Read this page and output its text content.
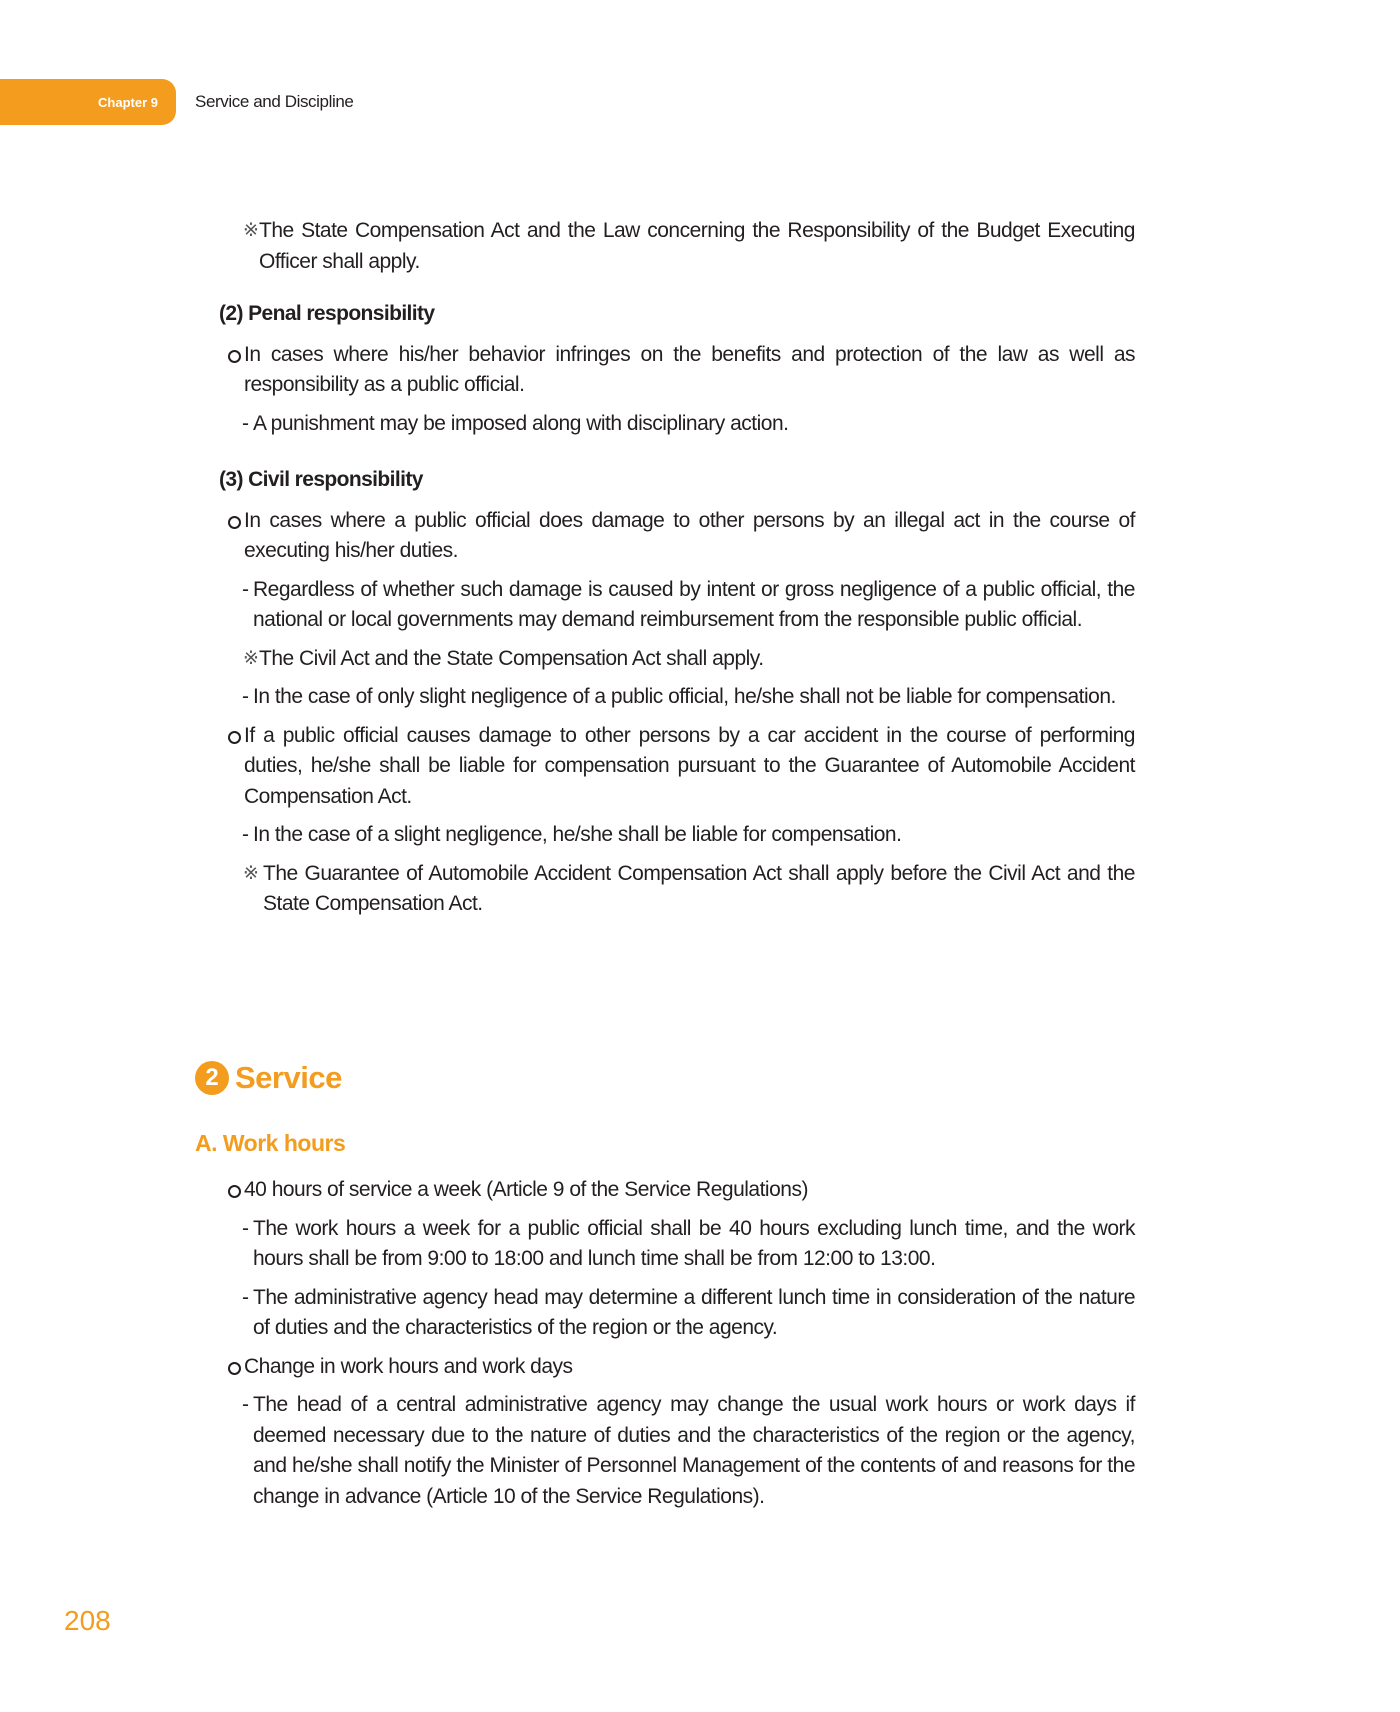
Chapter 9	Service and Discipline
※ The State Compensation Act and the Law concerning the Responsibility of the Budget Executing Officer shall apply.
(2) Penal responsibility
In cases where his/her behavior infringes on the benefits and protection of the law as well as responsibility as a public official.
- A punishment may be imposed along with disciplinary action.
(3) Civil responsibility
In cases where a public official does damage to other persons by an illegal act in the course of executing his/her duties.
- Regardless of whether such damage is caused by intent or gross negligence of a public official, the national or local governments may demand reimbursement from the responsible public official.
※ The Civil Act and the State Compensation Act shall apply.
- In the case of only slight negligence of a public official, he/she shall not be liable for compensation.
If a public official causes damage to other persons by a car accident in the course of performing duties, he/she shall be liable for compensation pursuant to the Guarantee of Automobile Accident Compensation Act.
- In the case of a slight negligence, he/she shall be liable for compensation.
※ The Guarantee of Automobile Accident Compensation Act shall apply before the Civil Act and the State Compensation Act.
2 Service
A. Work hours
40 hours of service a week (Article 9 of the Service Regulations)
- The work hours a week for a public official shall be 40 hours excluding lunch time, and the work hours shall be from 9:00 to 18:00 and lunch time shall be from 12:00 to 13:00.
- The administrative agency head may determine a different lunch time in consideration of the nature of duties and the characteristics of the region or the agency.
Change in work hours and work days
- The head of a central administrative agency may change the usual work hours or work days if deemed necessary due to the nature of duties and the characteristics of the region or the agency, and he/she shall notify the Minister of Personnel Management of the contents of and reasons for the change in advance (Article 10 of the Service Regulations).
208
